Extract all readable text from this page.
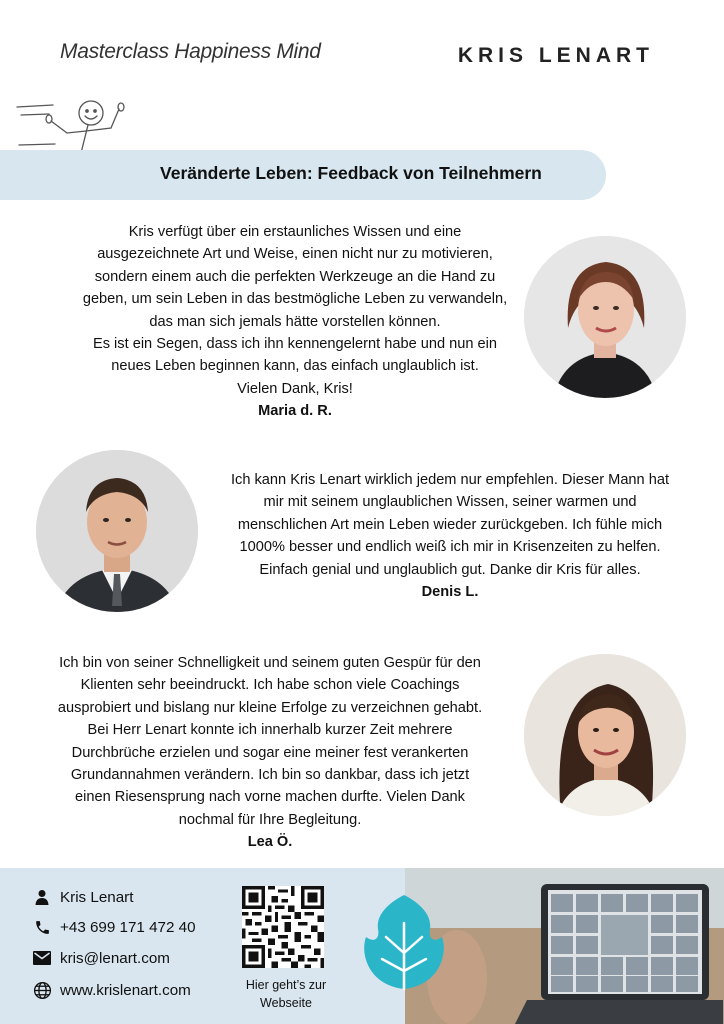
Masterclass Happiness Mind	KRIS LENART
Veränderte Leben: Feedback von Teilnehmern
Kris verfügt über ein erstaunliches Wissen und eine
ausgezeichnete Art und Weise, einen nicht nur zu motivieren,
sondern einem auch die perfekten Werkzeuge an die Hand zu
geben, um sein Leben in das bestmögliche Leben zu verwandeln,
das man sich jemals hätte vorstellen können.
Es ist ein Segen, dass ich ihn kennengelernt habe und nun ein
neues Leben beginnen kann, das einfach unglaublich ist.
Vielen Dank, Kris!
Maria d. R.
Ich kann Kris Lenart wirklich jedem nur empfehlen. Dieser Mann hat
mir mit seinem unglaublichen Wissen, seiner warmen und
menschlichen Art mein Leben wieder zurückgeben. Ich fühle mich
1000% besser und endlich weiß ich mir in Krisenzeiten zu helfen.
Einfach genial und unglaublich gut. Danke dir Kris für alles.
Denis L.
Ich bin von seiner Schnelligkeit und seinem guten Gespür für den
Klienten sehr beeindruckt. Ich habe schon viele Coachings
ausprobiert und bislang nur kleine Erfolge zu verzeichnen gehabt.
Bei Herr Lenart konnte ich innerhalb kurzer Zeit mehrere
Durchbrüche erzielen und sogar eine meiner fest verankerten
Grundannahmen verändern. Ich bin so dankbar, dass ich jetzt
einen Riesensprung nach vorne machen durfte. Vielen Dank
nochmal für Ihre Begleitung.
Lea Ö.
Kris Lenart
+43 699 171 472 40
kris@lenart.com
www.krislenart.com	Hier geht’s zur
Webseite
